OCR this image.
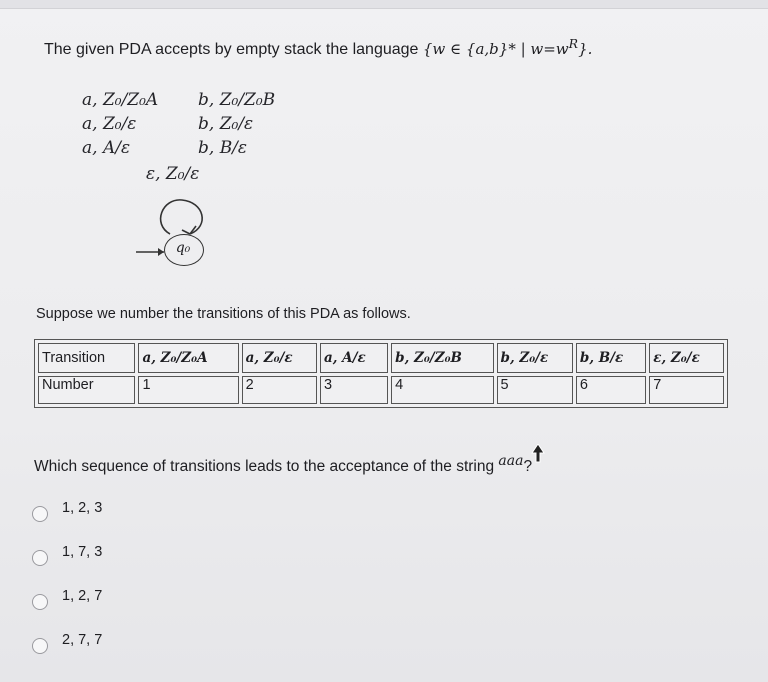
The given PDA accepts by empty stack the language {w ∈ {a,b}* | $w=w^R$}.
a, Z₀/Z₀A b, Z₀/Z₀B
a, Z₀/ε	b, Z₀/ε
a, A/ε	b, B/ε
ε, Z₀/ε
q₀
Suppose we number the transitions of this PDA as follows.
Transition	a, Z₀/Z₀A	a, Z₀/ε	a, A/ε	b, Z₀/Z₀B	b, Z₀/ε	b, B/ε	ε, Z₀/ε
Number	1	2	3	4	5	6	7
Which sequence of transitions leads to the acceptance of the string aaa?
1, 2, 3
1, 7, 3
1, 2, 7
2, 7, 7
